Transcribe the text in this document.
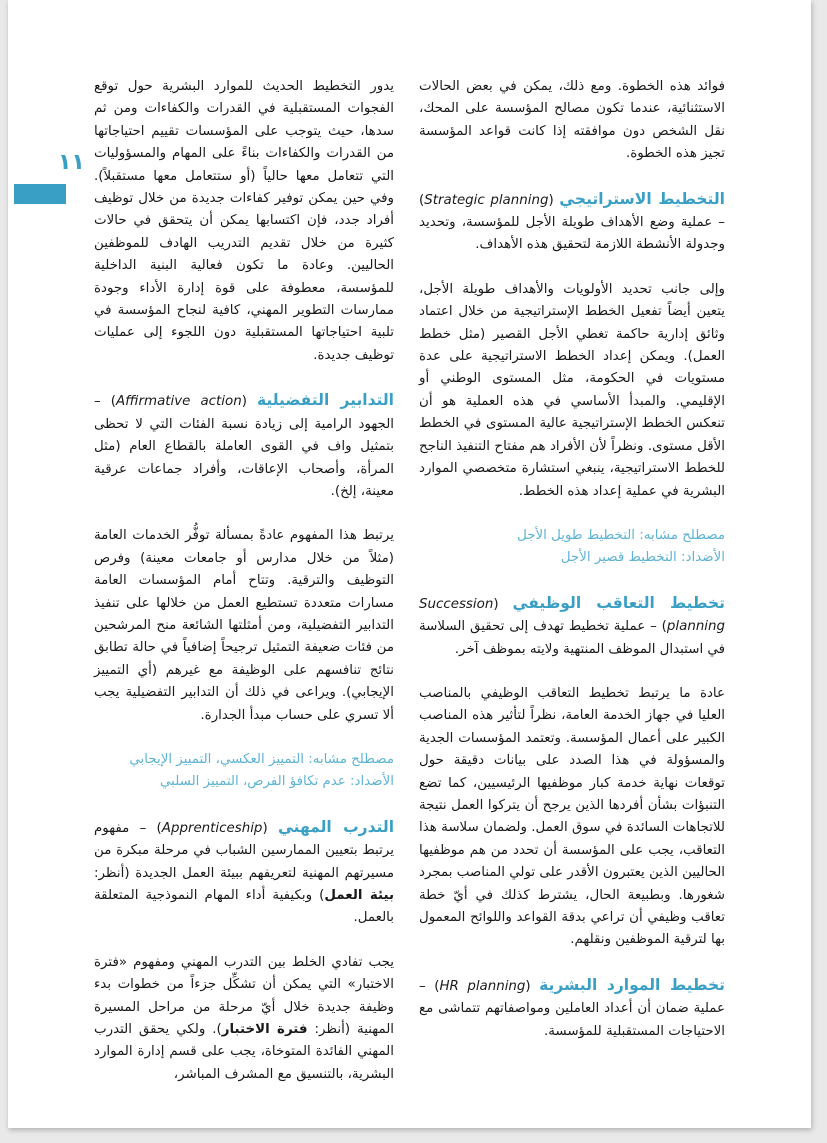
١١

فوائد هذه الخطوة. ومع ذلك، يمكن في بعض الحالات الاستثنائية، عندما تكون مصالح المؤسسة على المحك، نقل الشخص دون موافقته إذا كانت قواعد المؤسسة تجيز هذه الخطوة.

التخطيط الاستراتيجي (Strategic planning) – عملية وضع الأهداف طويلة الأجل للمؤسسة، وتحديد وجدولة الأنشطة اللازمة لتحقيق هذه الأهداف.

وإلى جانب تحديد الأولويات والأهداف طويلة الأجل، يتعين أيضاً تفعيل الخطط الإستراتيجية من خلال اعتماد وثائق إدارية حاكمة تغطي الأجل القصير (مثل خطط العمل). ويمكن إعداد الخطط الاستراتيجية على عدة مستويات في الحكومة، مثل المستوى الوطني أو الإقليمي. والمبدأ الأساسي في هذه العملية هو أن تنعكس الخطط الإستراتيجية عالية المستوى في الخطط الأقل مستوى. ونظراً لأن الأفراد هم مفتاح التنفيذ الناجح للخطط الاستراتيجية، ينبغي استشارة متخصصي الموارد البشرية في عملية إعداد هذه الخطط.

مصطلح مشابه: التخطيط طويل الأجل
الأضداد: التخطيط قصير الأجل

تخطيط التعاقب الوظيفي (Succession planning) – عملية تخطيط تهدف إلى تحقيق السلاسة في استبدال الموظف المنتهية ولايته بموظف آخر.

عادة ما يرتبط تخطيط التعاقب الوظيفي بالمناصب العليا في جهاز الخدمة العامة، نظراً لتأثير هذه المناصب الكبير على أعمال المؤسسة. وتعتمد المؤسسات الجدية والمسؤولة في هذا الصدد على بيانات دقيقة حول توقعات نهاية خدمة كبار موظفيها الرئيسيين، كما تضع التنبؤات بشأن أفردها الذين يرجح أن يتركوا العمل نتيجة للاتجاهات السائدة في سوق العمل. ولضمان سلاسة هذا التعاقب، يجب على المؤسسة أن تحدد من هم موظفيها الحاليين الذين يعتبرون الأقدر على تولي المناصب بمجرد شغورها. وبطبيعة الحال، يشترط كذلك في أيّ خطة تعاقب وظيفي أن تراعي بدقة القواعد واللوائح المعمول بها لترقية الموظفين ونقلهم.

تخطيط الموارد البشرية (HR planning) – عملية ضمان أن أعداد العاملين ومواصفاتهم تتماشى مع الاحتياجات المستقبلية للمؤسسة.

يدور التخطيط الحديث للموارد البشرية حول توقع الفجوات المستقبلية في القدرات والكفاءات ومن ثم سدها، حيث يتوجب على المؤسسات تقييم احتياجاتها من القدرات والكفاءات بناءً على المهام والمسؤوليات التي تتعامل معها حالياً (أو ستتعامل معها مستقبلاً). وفي حين يمكن توفير كفاءات جديدة من خلال توظيف أفراد جدد، فإن اكتسابها يمكن أن يتحقق في حالات كثيرة من خلال تقديم التدريب الهادف للموظفين الحاليين. وعادة ما تكون فعالية البنية الداخلية للمؤسسة، معطوفة على قوة إدارة الأداء وجودة ممارسات التطوير المهني، كافية لنجاح المؤسسة في تلبية احتياجاتها المستقبلية دون اللجوء إلى عمليات توظيف جديدة.

التدابير التفضيلية (Affirmative action) – الجهود الرامية إلى زيادة نسبة الفئات التي لا تحظى بتمثيل واف في القوى العاملة بالقطاع العام (مثل المرأة، وأصحاب الإعاقات، وأفراد جماعات عرقية معينة، إلخ).

يرتبط هذا المفهوم عادةً بمسألة توفُّر الخدمات العامة (مثلاً من خلال مدارس أو جامعات معينة) وفرص التوظيف والترقية. وتتاح أمام المؤسسات العامة مسارات متعددة تستطيع العمل من خلالها على تنفيذ التدابير التفضيلية، ومن أمثلتها الشائعة منح المرشحين من فئات ضعيفة التمثيل ترجيحاً إضافياً في حالة تطابق نتائج تنافسهم على الوظيفة مع غيرهم (أي التمييز الإيجابي). ويراعى في ذلك أن التدابير التفضيلية يجب ألا تسري على حساب مبدأ الجدارة.

مصطلح مشابه: التمييز العكسي، التمييز الإيجابي
الأضداد: عدم تكافؤ الفرص، التمييز السلبي

التدرب المهني (Apprenticeship) – مفهوم يرتبط بتعيين الممارسين الشباب في مرحلة مبكرة من مسيرتهم المهنية لتعريفهم ببيئة العمل الجديدة (أنظر: بيئة العمل) وبكيفية أداء المهام النموذجية المتعلقة بالعمل.

يجب تفادي الخلط بين التدرب المهني ومفهوم «فترة الاختبار» التي يمكن أن تشكِّل جزءاً من خطوات بدء وظيفة جديدة خلال أيّ مرحلة من مراحل المسيرة المهنية (أنظر: فترة الاختبار). ولكي يحقق التدرب المهني الفائدة المتوخاة، يجب على قسم إدارة الموارد البشرية، بالتنسيق مع المشرف المباشر،
